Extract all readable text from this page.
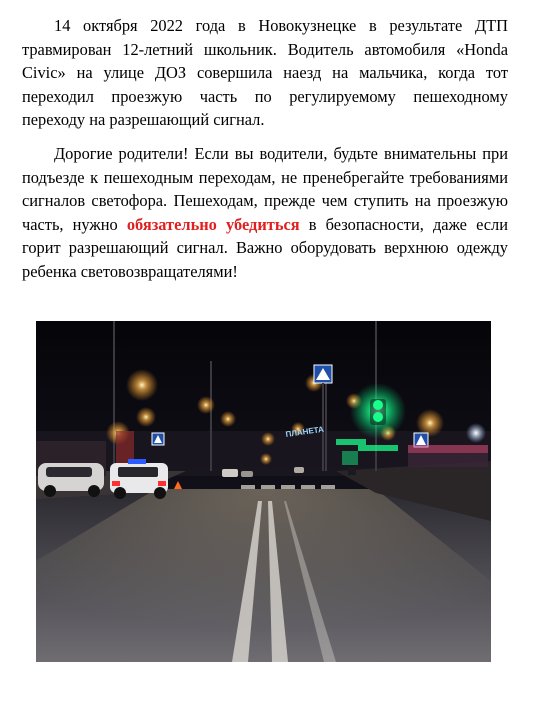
14 октября 2022 года в Новокузнецке в результате ДТП травмирован 12-летний школьник. Водитель автомобиля «Honda Civic» на улице ДОЗ совершила наезд на мальчика, когда тот переходил проезжую часть по регулируемому пешеходному переходу на разрешающий сигнал.

Дорогие родители! Если вы водители, будьте внимательны при подъезде к пешеходным переходам, не пренебрегайте требованиями сигналов светофора. Пешеходам, прежде чем ступить на проезжую часть, нужно обязательно убедиться в безопасности, даже если горит разрешающий сигнал. Важно оборудовать верхнюю одежду ребенка световозвращателями!

ПЛАНЕТА
